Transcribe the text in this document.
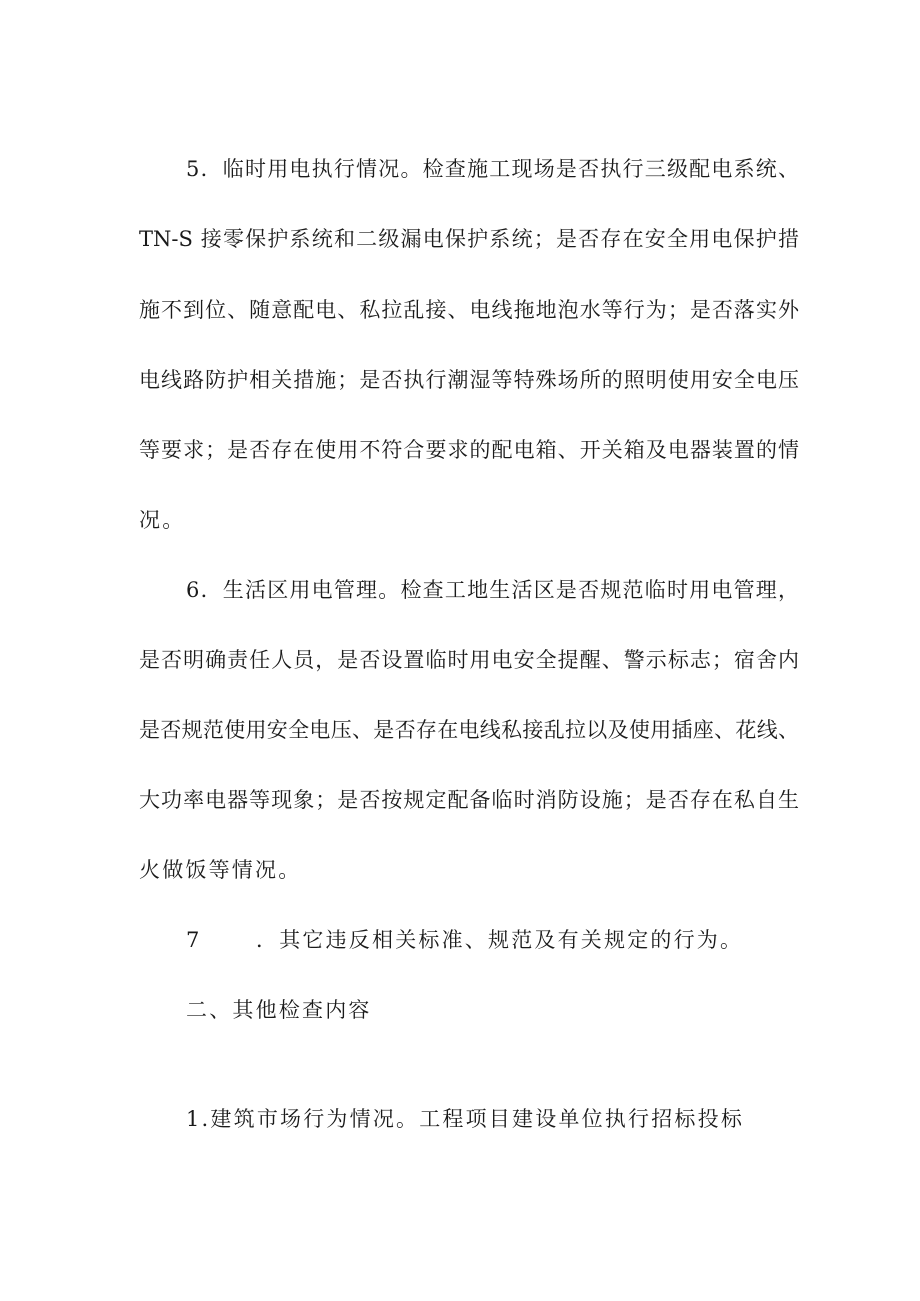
5．临时用电执行情况。检查施工现场是否执行三级配电系统、
TN-S 接零保护系统和二级漏电保护系统；是否存在安全用电保护措
施不到位、随意配电、私拉乱接、电线拖地泡水等行为；是否落实外
电线路防护相关措施；是否执行潮湿等特殊场所的照明使用安全电压
等要求；是否存在使用不符合要求的配电箱、开关箱及电器装置的情
况。
6．生活区用电管理。检查工地生活区是否规范临时用电管理，
是否明确责任人员，是否设置临时用电安全提醒、警示标志；宿舍内
是否规范使用安全电压、是否存在电线私接乱拉以及使用插座、花线、
大功率电器等现象；是否按规定配备临时消防设施；是否存在私自生
火做饭等情况。
7	．其它违反相关标准、规范及有关规定的行为。
二、其他检查内容
1.建筑市场行为情况。工程项目建设单位执行招标投标
